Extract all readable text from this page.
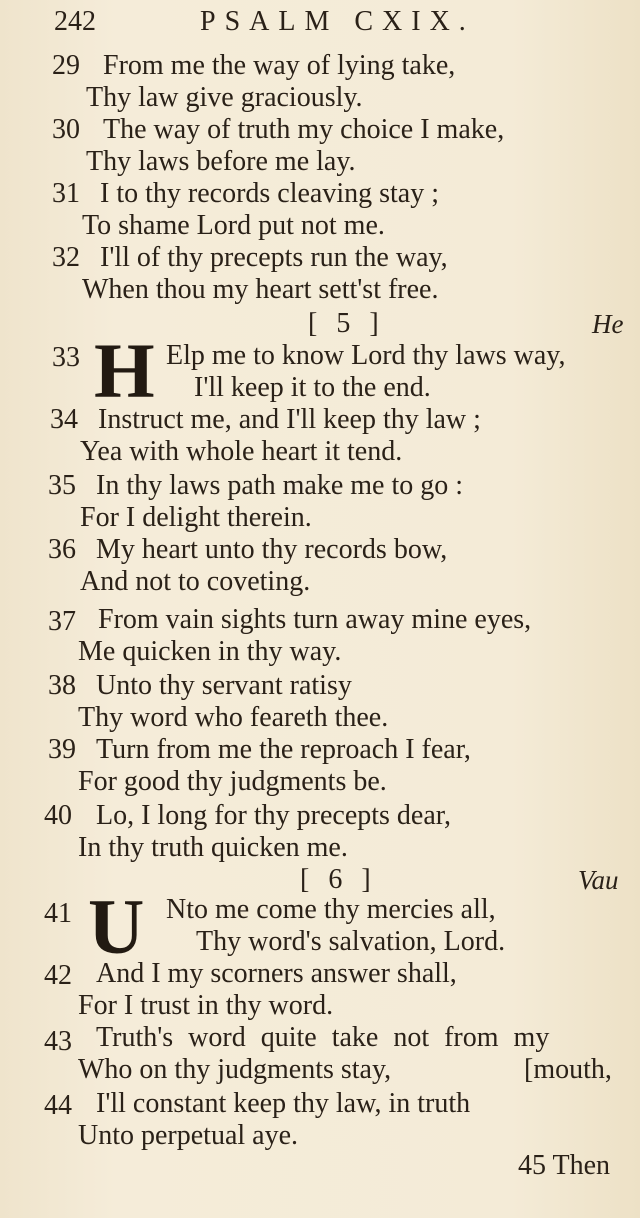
242	PSALM CXIX.
29 From me the way of lying take,
Thy law give graciously.
30 The way of truth my choice I make,
Thy laws before me lay.
31 I to thy records cleaving stay ;
To shame Lord put not me.
32 I'll of thy precepts run the way,
When thou my heart sett'st free.
[ 5 ]	He
33 H Elp me to know Lord thy laws way,
I'll keep it to the end.
34 Instruct me, and I'll keep thy law ;
Yea with whole heart it tend.
35 In thy laws path make me to go :
For I delight therein.
36 My heart unto thy records bow,
And not to coveting.
37 From vain sights turn away mine eyes,
Me quicken in thy way.
38 Unto thy servant ratisy
Thy word who feareth thee.
39 Turn from me the reproach I fear,
For good thy judgments be.
40 Lo, I long for thy precepts dear,
In thy truth quicken me.
[ 6 ]	Vau
41 U Nto me come thy mercies all,
Thy word's salvation, Lord.
42 And I my scorners answer shall,
For I trust in thy word.
43 Truth's word quite take not from my
Who on thy judgments stay,	[mouth,
44 I'll constant keep thy law, in truth
Unto perpetual aye.
45 Then
